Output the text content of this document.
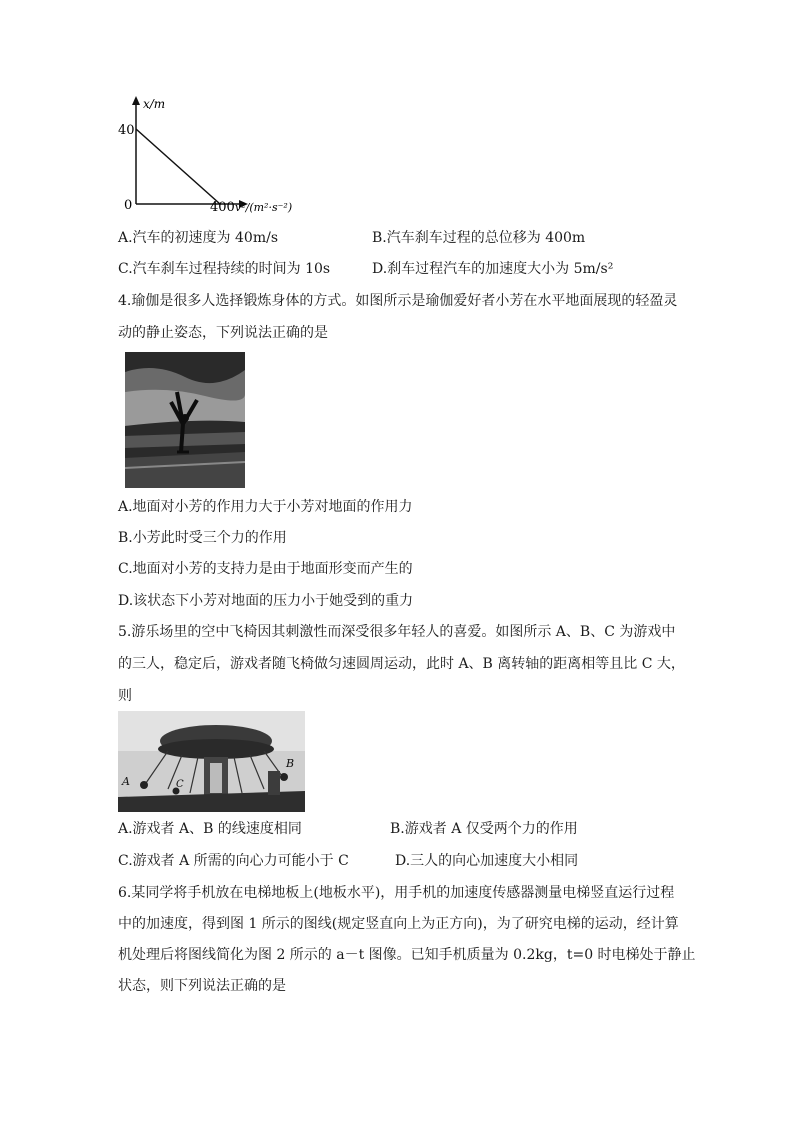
x/m
40
0	400 v²/(m²·s⁻²)
A.汽车的初速度为 40m/s	B.汽车刹车过程的总位移为 400m
C.汽车刹车过程持续的时间为 10s	D.刹车过程汽车的加速度大小为 5m/s²
4.瑜伽是很多人选择锻炼身体的方式。如图所示是瑜伽爱好者小芳在水平地面展现的轻盈灵
动的静止姿态，下列说法正确的是
A.地面对小芳的作用力大于小芳对地面的作用力
B.小芳此时受三个力的作用
C.地面对小芳的支持力是由于地面形变而产生的
D.该状态下小芳对地面的压力小于她受到的重力
5.游乐场里的空中飞椅因其刺激性而深受很多年轻人的喜爱。如图所示 A、B、C 为游戏中
的三人，稳定后，游戏者随飞椅做匀速圆周运动，此时 A、B 离转轴的距离相等且比 C 大，
则
A
B
C
A.游戏者 A、B 的线速度相同	B.游戏者 A 仅受两个力的作用
C.游戏者 A 所需的向心力可能小于 C	D.三人的向心加速度大小相同
6.某同学将手机放在电梯地板上(地板水平)，用手机的加速度传感器测量电梯竖直运行过程
中的加速度，得到图 1 所示的图线(规定竖直向上为正方向)，为了研究电梯的运动，经计算
机处理后将图线简化为图 2 所示的 a－t 图像。已知手机质量为 0.2kg，t=0 时电梯处于静止
状态，则下列说法正确的是
